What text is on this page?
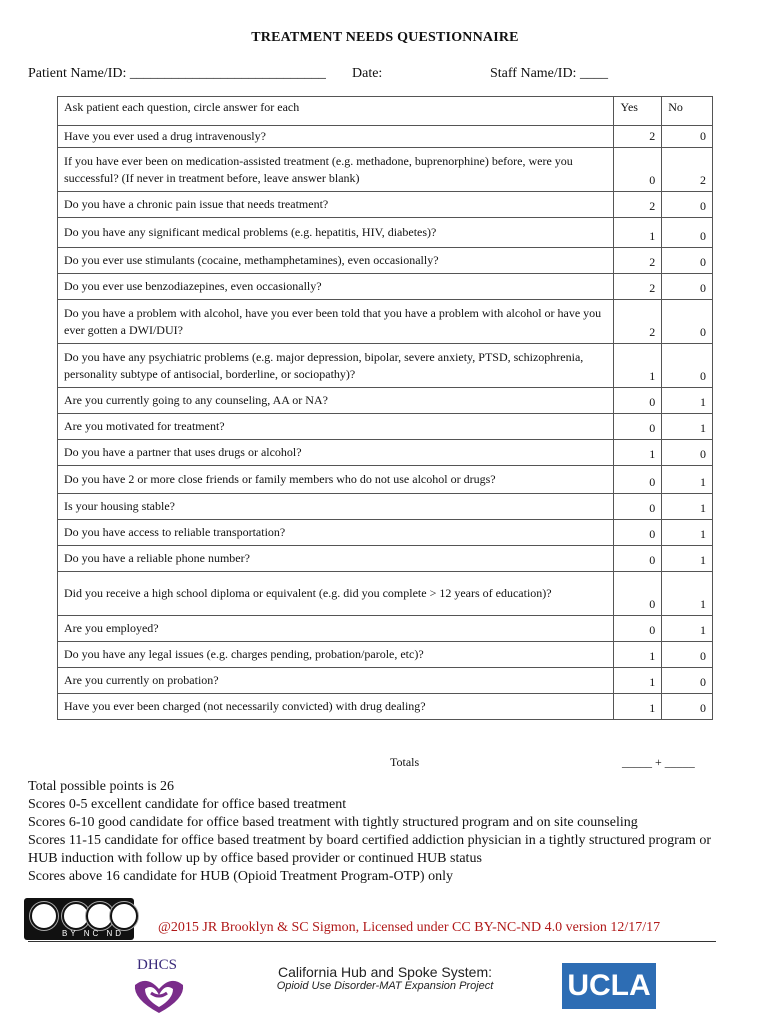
TREATMENT NEEDS QUESTIONNAIRE
Patient Name/ID: ____________________________ Date:	Staff Name/ID: ____
Ask patient each question, circle answer for each	Yes	No
Have you ever used a drug intravenously?	2	0
If you have ever been on medication-assisted treatment (e.g. methadone, buprenorphine) before, were you successful? (If never in treatment before, leave answer blank)	0	2
Do you have a chronic pain issue that needs treatment?	2	0
Do you have any significant medical problems (e.g. hepatitis, HIV, diabetes)?	1	0
Do you ever use stimulants (cocaine, methamphetamines), even occasionally?	2	0
Do you ever use benzodiazepines, even occasionally?	2	0
Do you have a problem with alcohol, have you ever been told that you have a problem with alcohol or have you ever gotten a DWI/DUI?	2	0
Do you have any psychiatric problems (e.g. major depression, bipolar, severe anxiety, PTSD, schizophrenia, personality subtype of antisocial, borderline, or sociopathy)?	1	0
Are you currently going to any counseling, AA or NA?	0	1
Are you motivated for treatment?	0	1
Do you have a partner that uses drugs or alcohol?	1	0
Do you have 2 or more close friends or family members who do not use alcohol or drugs?	0	1
Is your housing stable?	0	1
Do you have access to reliable transportation?	0	1
Do you have a reliable phone number?	0	1
Did you receive a high school diploma or equivalent (e.g. did you complete > 12 years of education)?	0	1
Are you employed?	0	1
Do you have any legal issues (e.g. charges pending, probation/parole, etc)?	1	0
Are you currently on probation?	1	0
Have you ever been charged (not necessarily convicted) with drug dealing?	1	0
Totals	_____ + _____
Total possible points is 26
Scores 0-5 excellent candidate for office based treatment
Scores 6-10 good candidate for office based treatment with tightly structured program and on site counseling
Scores 11-15 candidate for office based treatment by board certified addiction physician in a tightly structured program or HUB induction with follow up by office based provider or continued HUB status
Scores above 16 candidate for HUB (Opioid Treatment Program-OTP) only
BY NC ND @2015 JR Brooklyn & SC Sigmon, Licensed under CC BY-NC-ND 4.0 version 12/17/17
DHCS	California Hub and Spoke System:
Opioid Use Disorder-MAT Expansion Project	UCLA
